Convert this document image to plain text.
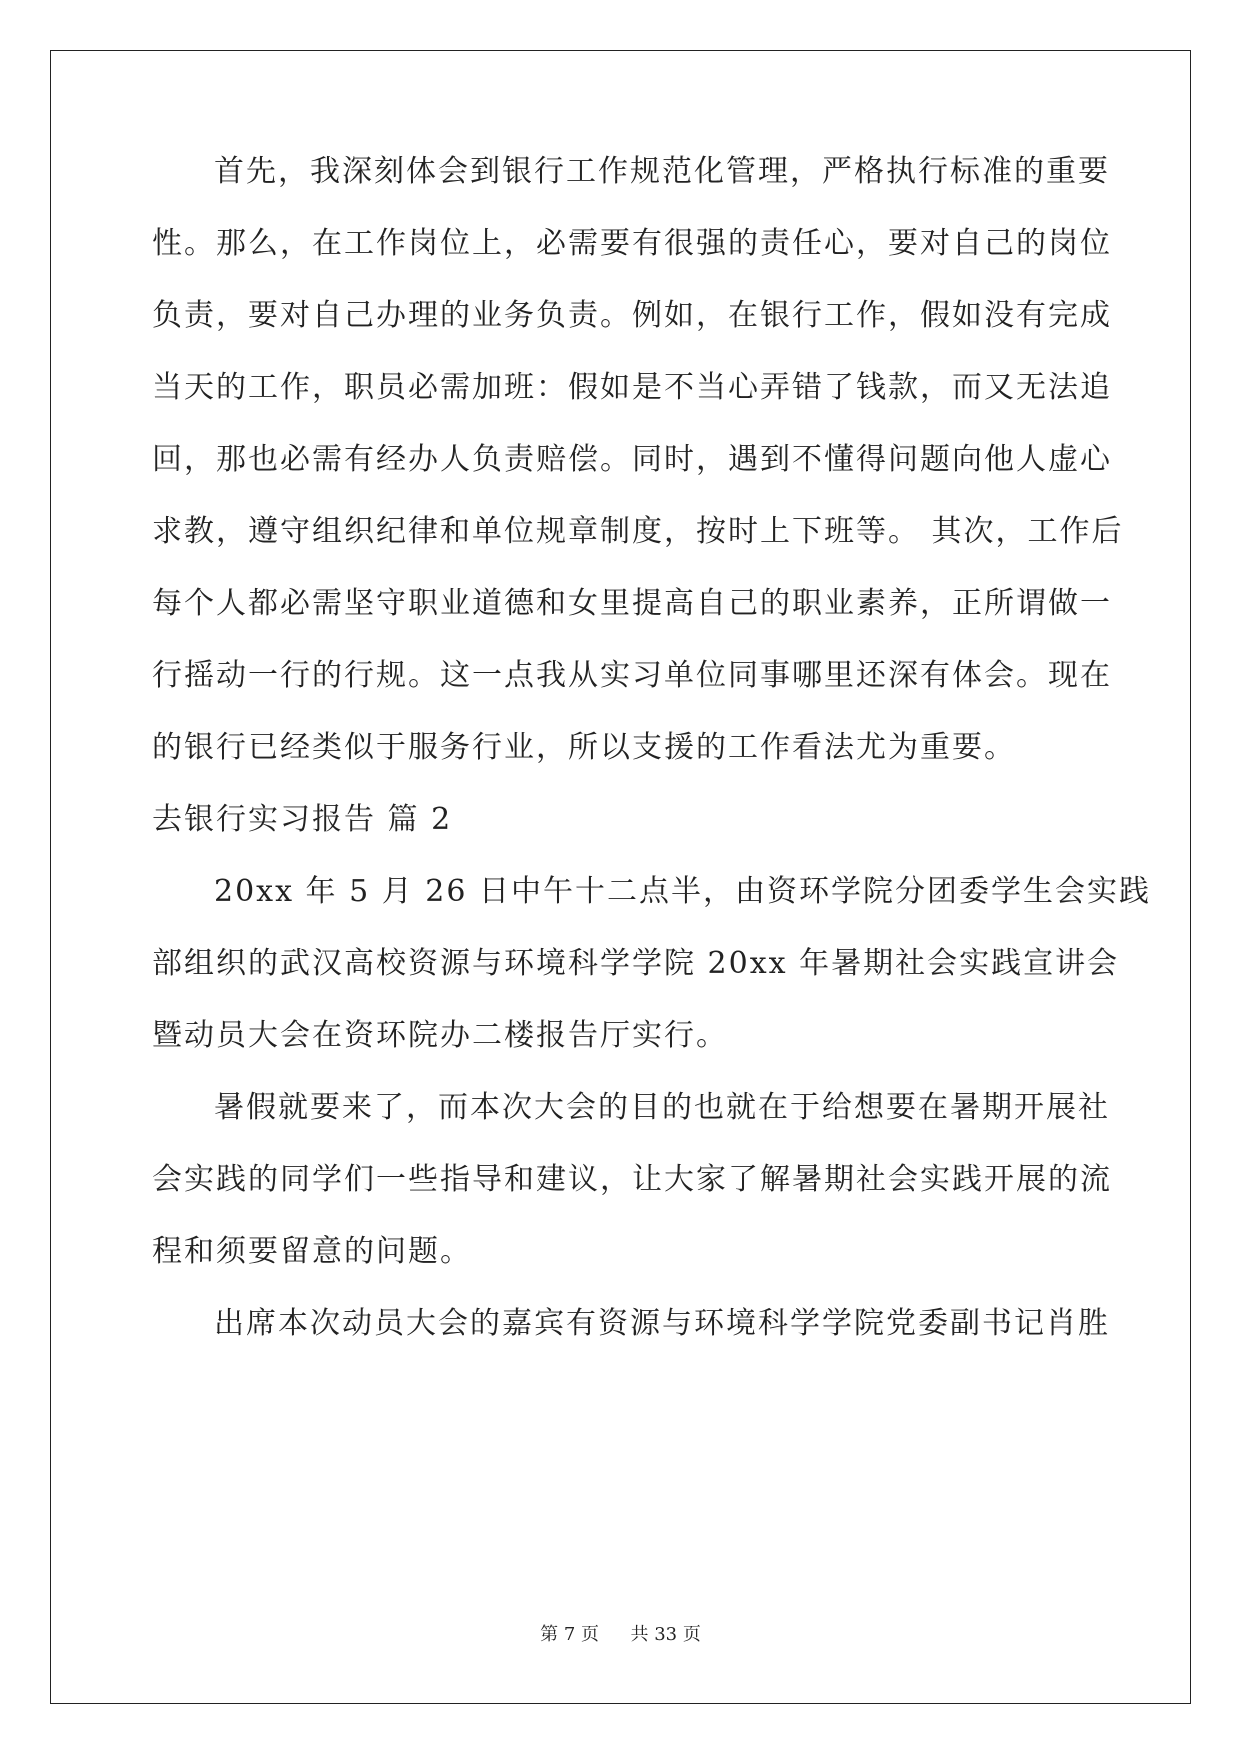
首先，我深刻体会到银行工作规范化管理，严格执行标准的重要
性。那么，在工作岗位上，必需要有很强的责任心，要对自己的岗位
负责，要对自己办理的业务负责。例如，在银行工作，假如没有完成
当天的工作，职员必需加班：假如是不当心弄错了钱款，而又无法追
回，那也必需有经办人负责赔偿。同时，遇到不懂得问题向他人虚心
求教，遵守组织纪律和单位规章制度，按时上下班等。 其次，工作后
每个人都必需坚守职业道德和女里提高自己的职业素养，正所谓做一
行摇动一行的行规。这一点我从实习单位同事哪里还深有体会。现在
的银行已经类似于服务行业，所以支援的工作看法尤为重要。
去银行实习报告 篇 2
20xx 年 5 月 26 日中午十二点半，由资环学院分团委学生会实践
部组织的武汉高校资源与环境科学学院 20xx 年暑期社会实践宣讲会
暨动员大会在资环院办二楼报告厅实行。
暑假就要来了，而本次大会的目的也就在于给想要在暑期开展社
会实践的同学们一些指导和建议，让大家了解暑期社会实践开展的流
程和须要留意的问题。
出席本次动员大会的嘉宾有资源与环境科学学院党委副书记肖胜
第 7 页 共 33 页
